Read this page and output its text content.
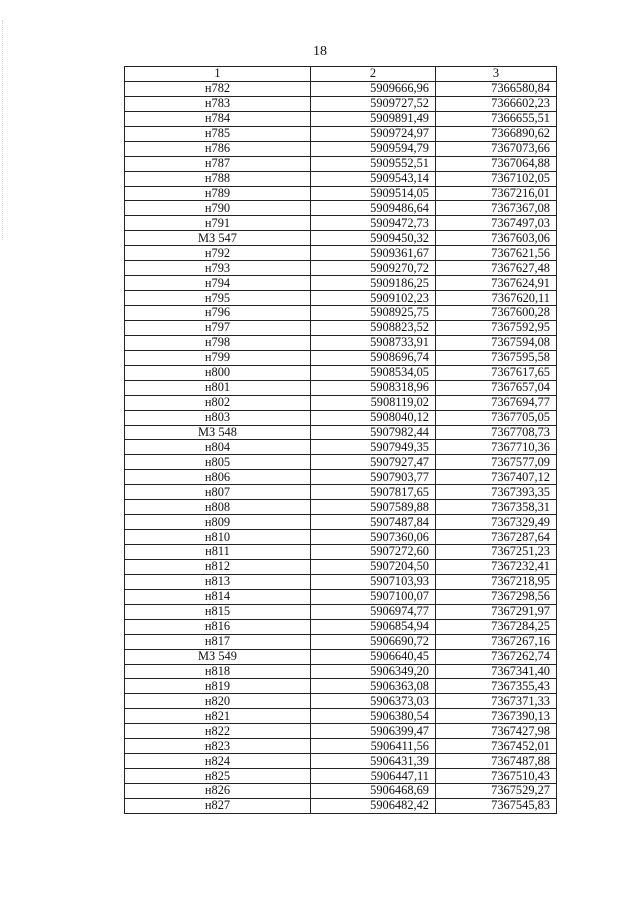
18
1	2	3
н782	5909666,96	7366580,84
н783	5909727,52	7366602,23
н784	5909891,49	7366655,51
н785	5909724,97	7366890,62
н786	5909594,79	7367073,66
н787	5909552,51	7367064,88
н788	5909543,14	7367102,05
н789	5909514,05	7367216,01
н790	5909486,64	7367367,08
н791	5909472,73	7367497,03
МЗ 547	5909450,32	7367603,06
н792	5909361,67	7367621,56
н793	5909270,72	7367627,48
н794	5909186,25	7367624,91
н795	5909102,23	7367620,11
н796	5908925,75	7367600,28
н797	5908823,52	7367592,95
н798	5908733,91	7367594,08
н799	5908696,74	7367595,58
н800	5908534,05	7367617,65
н801	5908318,96	7367657,04
н802	5908119,02	7367694,77
н803	5908040,12	7367705,05
МЗ 548	5907982,44	7367708,73
н804	5907949,35	7367710,36
н805	5907927,47	7367577,09
н806	5907903,77	7367407,12
н807	5907817,65	7367393,35
н808	5907589,88	7367358,31
н809	5907487,84	7367329,49
н810	5907360,06	7367287,64
н811	5907272,60	7367251,23
н812	5907204,50	7367232,41
н813	5907103,93	7367218,95
н814	5907100,07	7367298,56
н815	5906974,77	7367291,97
н816	5906854,94	7367284,25
н817	5906690,72	7367267,16
МЗ 549	5906640,45	7367262,74
н818	5906349,20	7367341,40
н819	5906363,08	7367355,43
н820	5906373,03	7367371,33
н821	5906380,54	7367390,13
н822	5906399,47	7367427,98
н823	5906411,56	7367452,01
н824	5906431,39	7367487,88
н825	5906447,11	7367510,43
н826	5906468,69	7367529,27
н827	5906482,42	7367545,83
